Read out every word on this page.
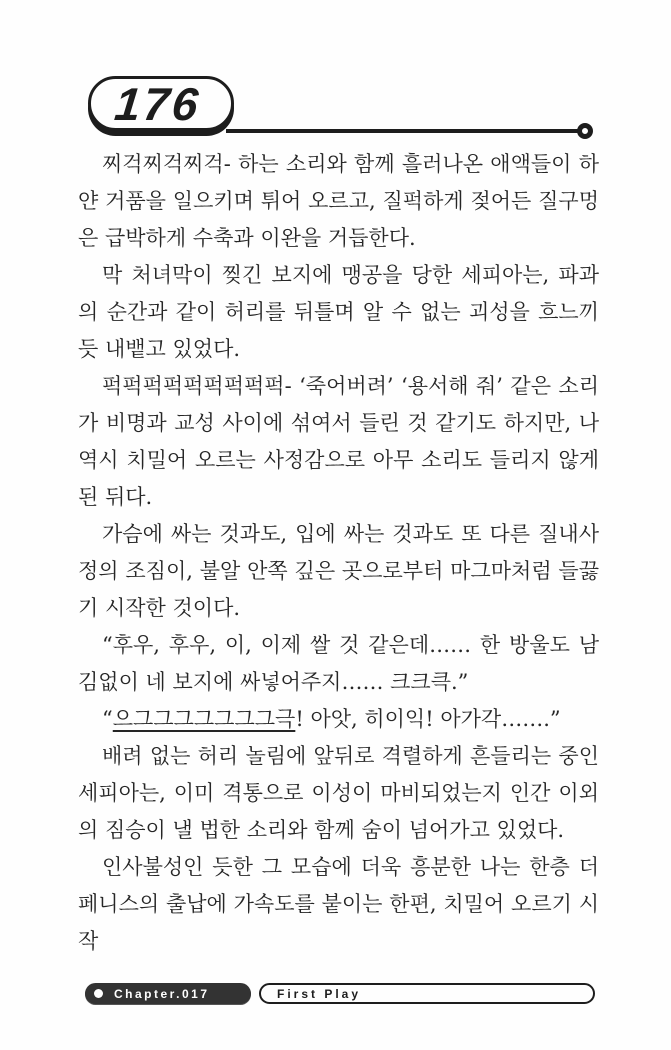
176

찌걱찌걱찌걱- 하는 소리와 함께 흘러나온 애액들이 하얀 거품을 일으키며 튀어 오르고, 질퍽하게 젖어든 질구멍은 급박하게 수축과 이완을 거듭한다.

막 처녀막이 찢긴 보지에 맹공을 당한 세피아는, 파과의 순간과 같이 허리를 뒤틀며 알 수 없는 괴성을 흐느끼듯 내뱉고 있었다.

퍽퍽퍽퍽퍽퍽퍽퍽퍽- ‘죽어버려’ ‘용서해 줘’ 같은 소리가 비명과 교성 사이에 섞여서 들린 것 같기도 하지만, 나 역시 치밀어 오르는 사정감으로 아무 소리도 들리지 않게 된 뒤다.

가슴에 싸는 것과도, 입에 싸는 것과도 또 다른 질내사정의 조짐이, 불알 안쪽 깊은 곳으로부터 마그마처럼 들끓기 시작한 것이다.

“후우, 후우, 이, 이제 쌀 것 같은데…… 한 방울도 남김없이 네 보지에 싸넣어주지…… 크크큭.”

“으그그그그그그그극! 아앗, 히이익! 아가각…….”

배려 없는 허리 놀림에 앞뒤로 격렬하게 흔들리는 중인 세피아는, 이미 격통으로 이성이 마비되었는지 인간 이외의 짐승이 낼 법한 소리와 함께 숨이 넘어가고 있었다.

인사불성인 듯한 그 모습에 더욱 흥분한 나는 한층 더 페니스의 출납에 가속도를 붙이는 한편, 치밀어 오르기 시작

Chapter.017	First Play
